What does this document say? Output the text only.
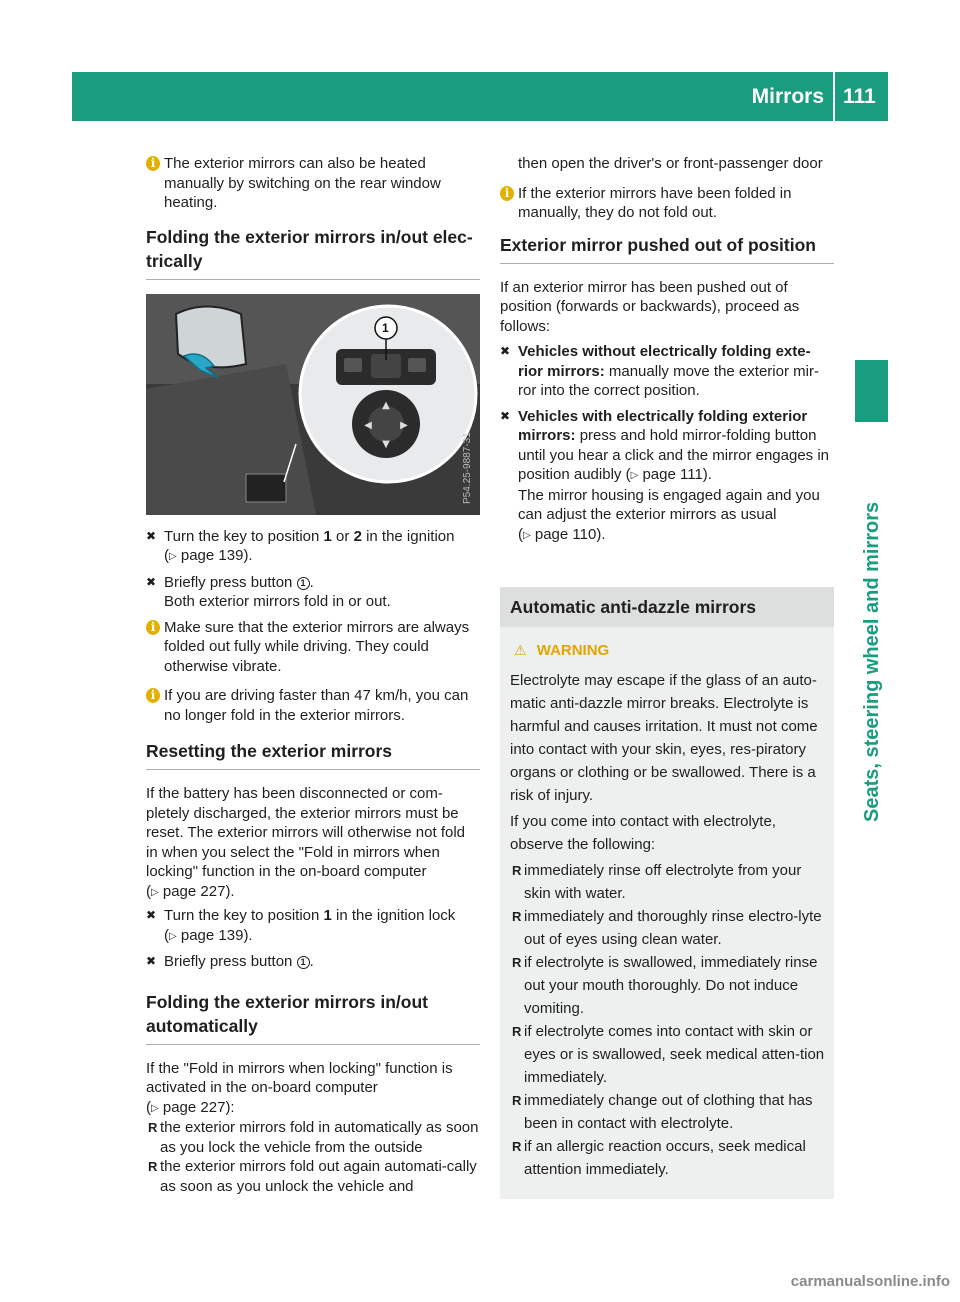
Mirrors 111
Seats, steering wheel and mirrors
i The exterior mirrors can also be heated manually by switching on the rear window heating.

Folding the exterior mirrors in/out elec-trically
▲
▼
◀	▶
1
P54.25-9887-31
✖ Turn the key to position 1 or 2 in the ignition
(▷ page 139).

✖ Briefly press button 1 .
Both exterior mirrors fold in or out.

i Make sure that the exterior mirrors are always folded out fully while driving. They could otherwise vibrate.

i If you are driving faster than 47 km/h, you can no longer fold in the exterior mirrors.

Resetting the exterior mirrors

If the battery has been disconnected or com-pletely discharged, the exterior mirrors must be reset. The exterior mirrors will otherwise not fold in when you select the "Fold in mirrors when locking" function in the on-board computer
(▷ page 227).

✖ Turn the key to position 1 in the ignition lock
(▷ page 139).

✖ Briefly press button 1 .

Folding the exterior mirrors in/out automatically

If the "Fold in mirrors when locking" function is activated in the on-board computer
(▷ page 227):

R the exterior mirrors fold in automatically as soon as you lock the vehicle from the outside

R the exterior mirrors fold out again automati-cally as soon as you unlock the vehicle and

then open the driver's or front-passenger door

i If the exterior mirrors have been folded in manually, they do not fold out.

Exterior mirror pushed out of position

If an exterior mirror has been pushed out of position (forwards or backwards), proceed as follows:

✖ Vehicles without electrically folding exte-rior mirrors: manually move the exterior mir-ror into the correct position.

✖ Vehicles with electrically folding exterior mirrors: press and hold mirror-folding button until you hear a click and the mirror engages in position audibly (▷ page 111).
The mirror housing is engaged again and you can adjust the exterior mirrors as usual
(▷ page 110).

Automatic anti-dazzle mirrors
⚠ WARNING

Electrolyte may escape if the glass of an auto-matic anti-dazzle mirror breaks. Electrolyte is harmful and causes irritation. It must not come into contact with your skin, eyes, res-piratory organs or clothing or be swallowed. There is a risk of injury.

If you come into contact with electrolyte, observe the following:

R immediately rinse off electrolyte from your skin with water.

R immediately and thoroughly rinse electro-lyte out of eyes using clean water.

R if electrolyte is swallowed, immediately rinse out your mouth thoroughly. Do not induce vomiting.

R if electrolyte comes into contact with skin or eyes or is swallowed, seek medical atten-tion immediately.

R immediately change out of clothing that has been in contact with electrolyte.

R if an allergic reaction occurs, seek medical attention immediately.

carmanualsonline.info
